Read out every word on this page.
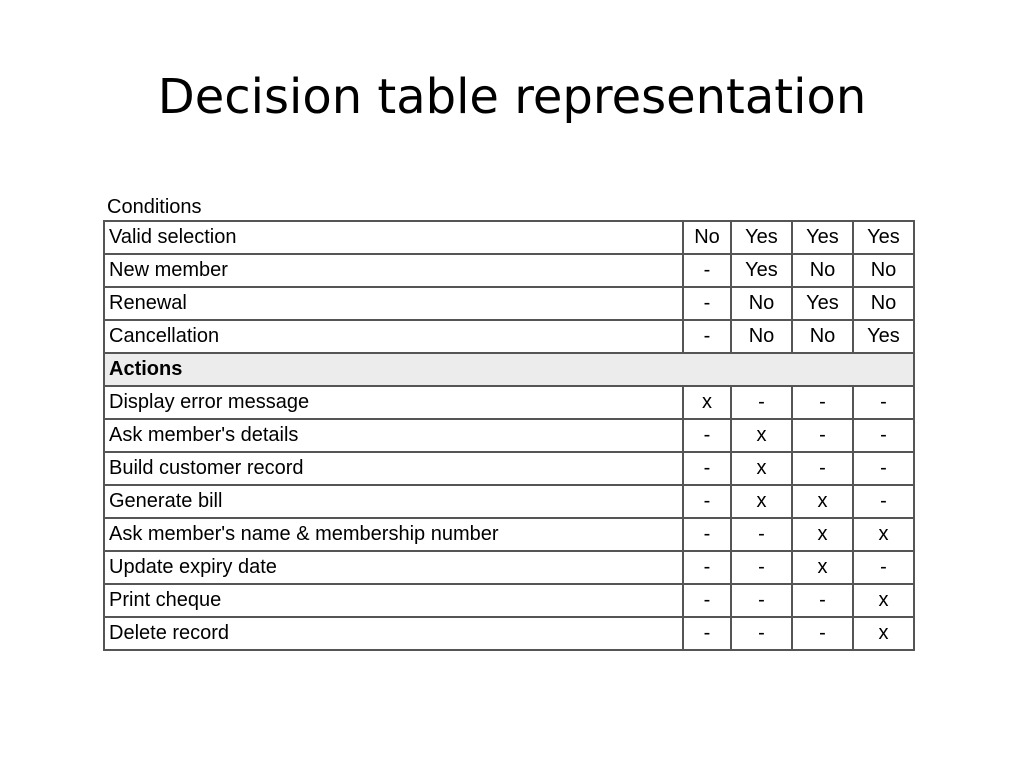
Decision table representation
Conditions
Valid selection	No	Yes	Yes	Yes
New member	-	Yes	No	No
Renewal	-	No	Yes	No
Cancellation	-	No	No	Yes
Actions				
Display error message	x	-	-	-
Ask member's details	-	x	-	-
Build customer record	-	x	-	-
Generate bill	-	x	x	-
Ask member's name & membership number	-	-	x	x
Update expiry date	-	-	x	-
Print cheque	-	-	-	x
Delete record	-	-	-	x
